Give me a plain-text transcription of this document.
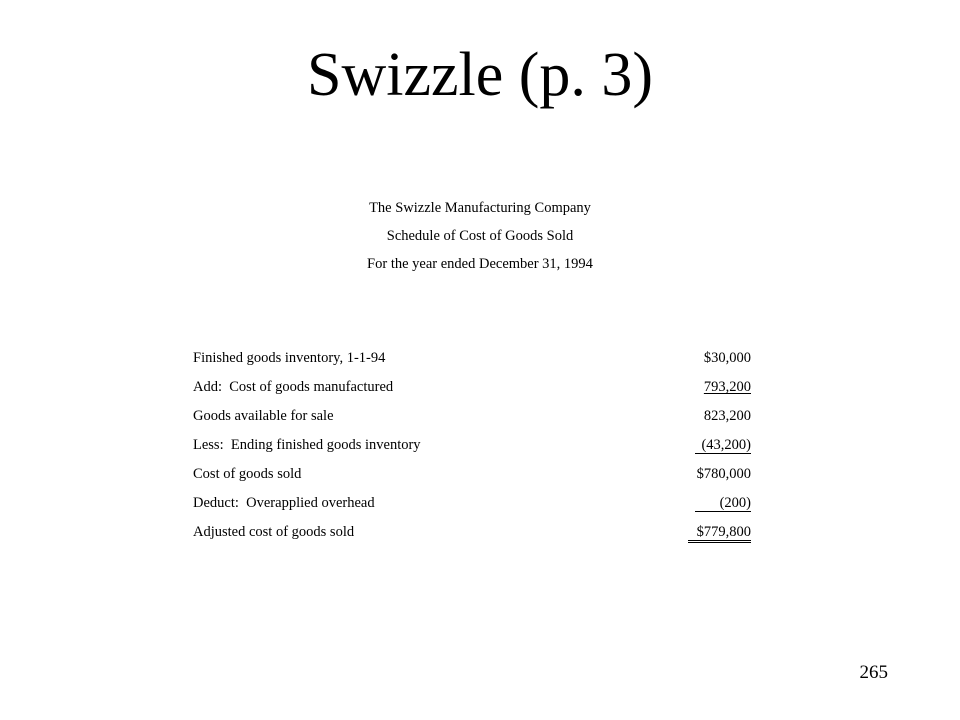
Swizzle (p. 3)
The Swizzle Manufacturing Company
Schedule of Cost of Goods Sold
For the year ended December 31, 1994
Finished goods inventory, 1-1-94	$30,000
Add:  Cost of goods manufactured	793,200
Goods available for sale	823,200
Less:  Ending finished goods inventory	(43,200)
Cost of goods sold	$780,000
Deduct:  Overapplied overhead	(200)
Adjusted cost of goods sold	$779,800
265
